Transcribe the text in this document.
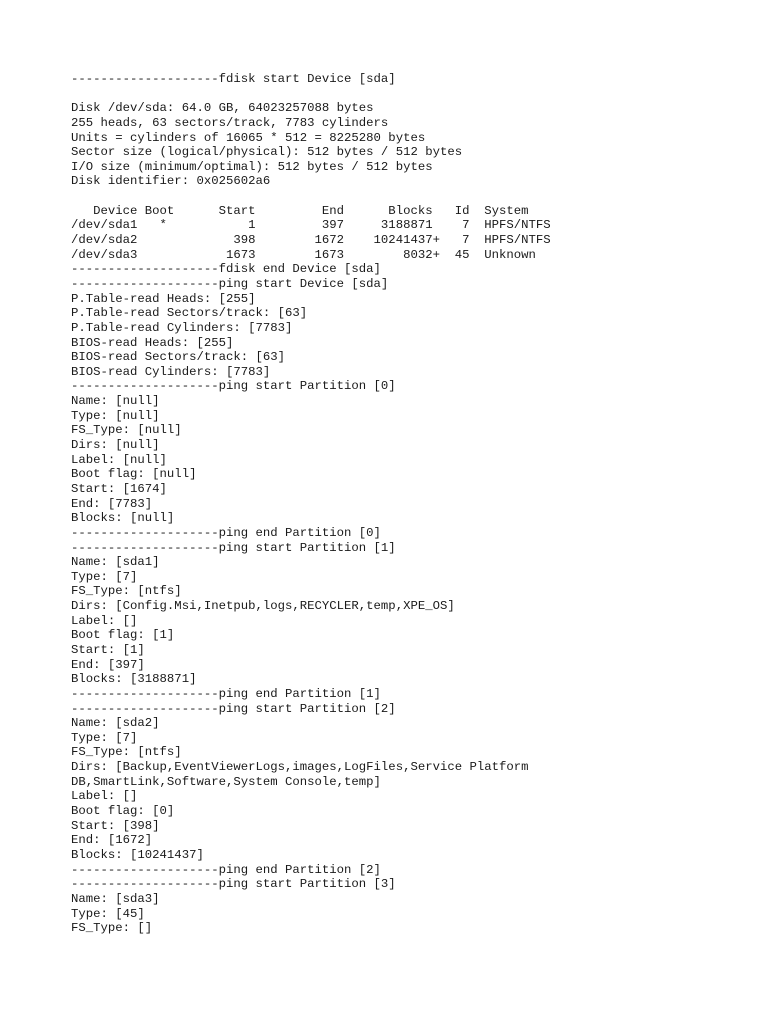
--------------------fdisk start Device [sda]
Disk /dev/sda: 64.0 GB, 64023257088 bytes
255 heads, 63 sectors/track, 7783 cylinders
Units = cylinders of 16065 * 512 = 8225280 bytes
Sector size (logical/physical): 512 bytes / 512 bytes
I/O size (minimum/optimal): 512 bytes / 512 bytes
Disk identifier: 0x025602a6
Device Boot      Start         End      Blocks   Id  System
/dev/sda1   *           1         397     3188871    7  HPFS/NTFS
/dev/sda2             398        1672    10241437+   7  HPFS/NTFS
/dev/sda3            1673        1673        8032+  45  Unknown
--------------------fdisk end Device [sda]
--------------------ping start Device [sda]
P.Table-read Heads: [255]
P.Table-read Sectors/track: [63]
P.Table-read Cylinders: [7783]
BIOS-read Heads: [255]
BIOS-read Sectors/track: [63]
BIOS-read Cylinders: [7783]
--------------------ping start Partition [0]
Name: [null]
Type: [null]
FS_Type: [null]
Dirs: [null]
Label: [null]
Boot flag: [null]
Start: [1674]
End: [7783]
Blocks: [null]
--------------------ping end Partition [0]
--------------------ping start Partition [1]
Name: [sda1]
Type: [7]
FS_Type: [ntfs]
Dirs: [Config.Msi,Inetpub,logs,RECYCLER,temp,XPE_OS]
Label: []
Boot flag: [1]
Start: [1]
End: [397]
Blocks: [3188871]
--------------------ping end Partition [1]
--------------------ping start Partition [2]
Name: [sda2]
Type: [7]
FS_Type: [ntfs]
Dirs: [Backup,EventViewerLogs,images,LogFiles,Service Platform
DB,SmartLink,Software,System Console,temp]
Label: []
Boot flag: [0]
Start: [398]
End: [1672]
Blocks: [10241437]
--------------------ping end Partition [2]
--------------------ping start Partition [3]
Name: [sda3]
Type: [45]
FS_Type: []
